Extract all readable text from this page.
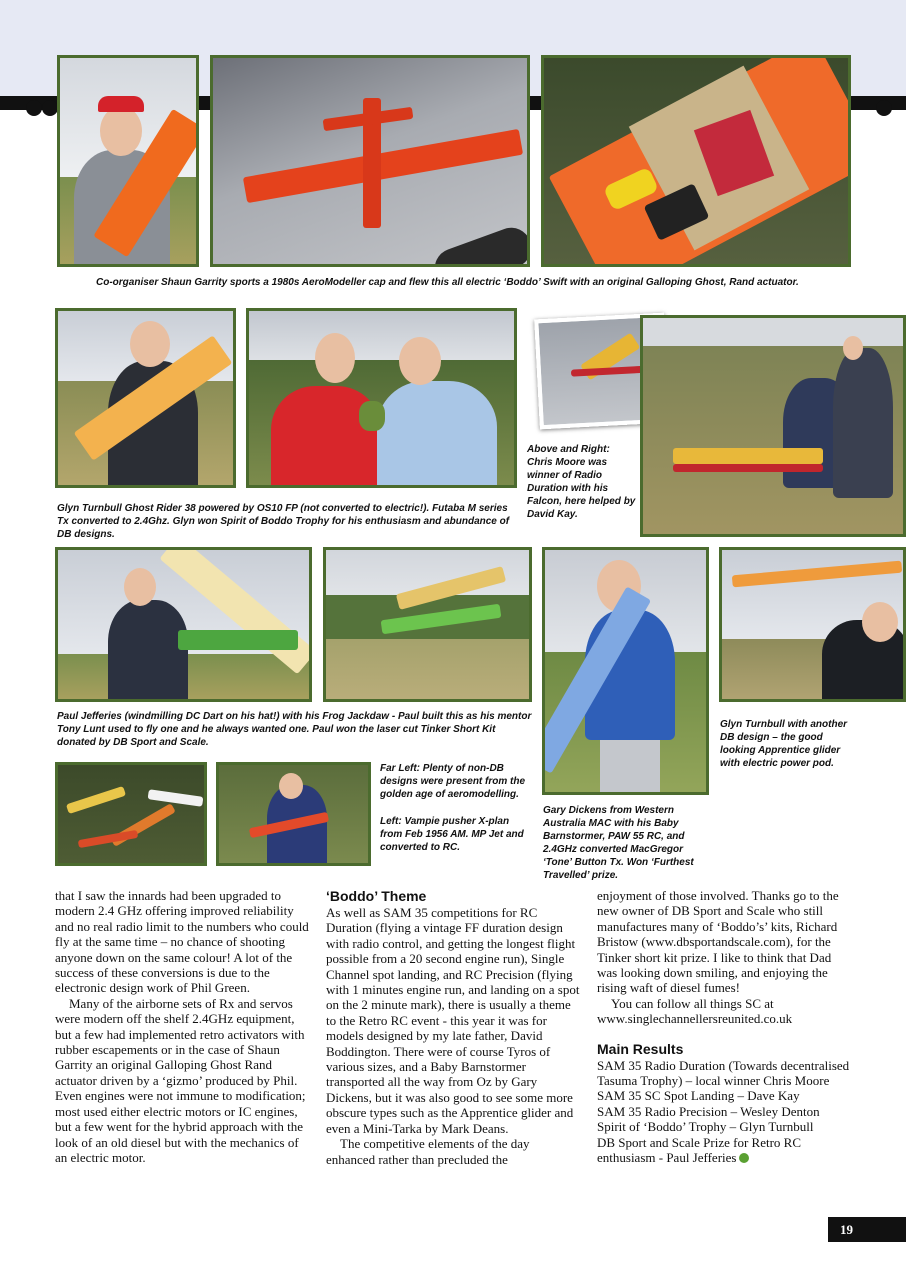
Co-organiser Shaun Garrity sports a 1980s AeroModeller cap and flew this all electric ‘Boddo’ Swift with an original Galloping Ghost, Rand actuator.

Above and Right: Chris Moore was winner of Radio Duration with his Falcon, here helped by David Kay.

Glyn Turnbull Ghost Rider 38 powered by OS10 FP (not converted to electric!). Futaba M series Tx converted to 2.4Ghz. Glyn won Spirit of Boddo Trophy for his enthusiasm and abundance of DB designs.

Paul Jefferies (windmilling DC Dart on his hat!) with his Frog Jackdaw - Paul built this as his mentor Tony Lunt used to fly one and he always wanted one. Paul won the laser cut Tinker Short Kit donated by DB Sport and Scale.

Glyn Turnbull with another DB design – the good looking Apprentice glider with electric power pod.

Far Left: Plenty of non-DB designs were present from the golden age of aeromodelling.

Left: Vampie pusher X-plan from Feb 1956 AM. MP Jet and converted to RC.

Gary Dickens from Western Australia MAC with his Baby Barnstormer, PAW 55 RC, and 2.4GHz converted MacGregor ‘Tone’ Button Tx. Won ‘Furthest Travelled’ prize.

that I saw the innards had been upgraded to modern 2.4 GHz offering improved reliability and no real radio limit to the numbers who could fly at the same time – no chance of shooting anyone down on the same colour! A lot of the success of these conversions is due to the electronic design work of Phil Green.

Many of the airborne sets of Rx and servos were modern off the shelf 2.4GHz equipment, but a few had implemented retro activators with rubber escapements or in the case of Shaun Garrity an original Galloping Ghost Rand actuator driven by a ‘gizmo’ produced by Phil. Even engines were not immune to modification; most used either electric motors or IC engines, but a few went for the hybrid approach with the look of an old diesel but with the mechanics of an electric motor.

‘Boddo’ Theme

As well as SAM 35 competitions for RC Duration (flying a vintage FF duration design with radio control, and getting the longest flight possible from a 20 second engine run), Single Channel spot landing, and RC Precision (flying with 1 minutes engine run, and landing on a spot on the 2 minute mark), there is usually a theme to the Retro RC event - this year it was for models designed by my late father, David Boddington. There were of course Tyros of various sizes, and a Baby Barnstormer transported all the way from Oz by Gary Dickens, but it was also good to see some more obscure types such as the Apprentice glider and even a Mini-Tarka by Mark Deans.

The competitive elements of the day enhanced rather than precluded the

enjoyment of those involved. Thanks go to the new owner of DB Sport and Scale who still manufactures many of ‘Boddo’s’ kits, Richard Bristow (www.dbsportandscale.com), for the Tinker short kit prize. I like to think that Dad was looking down smiling, and enjoying the rising waft of diesel fumes!

You can follow all things SC at www.singlechannellersreunited.co.uk

Main Results

SAM 35 Radio Duration (Towards decentralised Tasuma Trophy) – local winner Chris Moore

SAM 35 SC Spot Landing – Dave Kay

SAM 35 Radio Precision – Wesley Denton

Spirit of ‘Boddo’ Trophy – Glyn Turnbull

DB Sport and Scale Prize for Retro RC enthusiasm - Paul Jefferies

19
